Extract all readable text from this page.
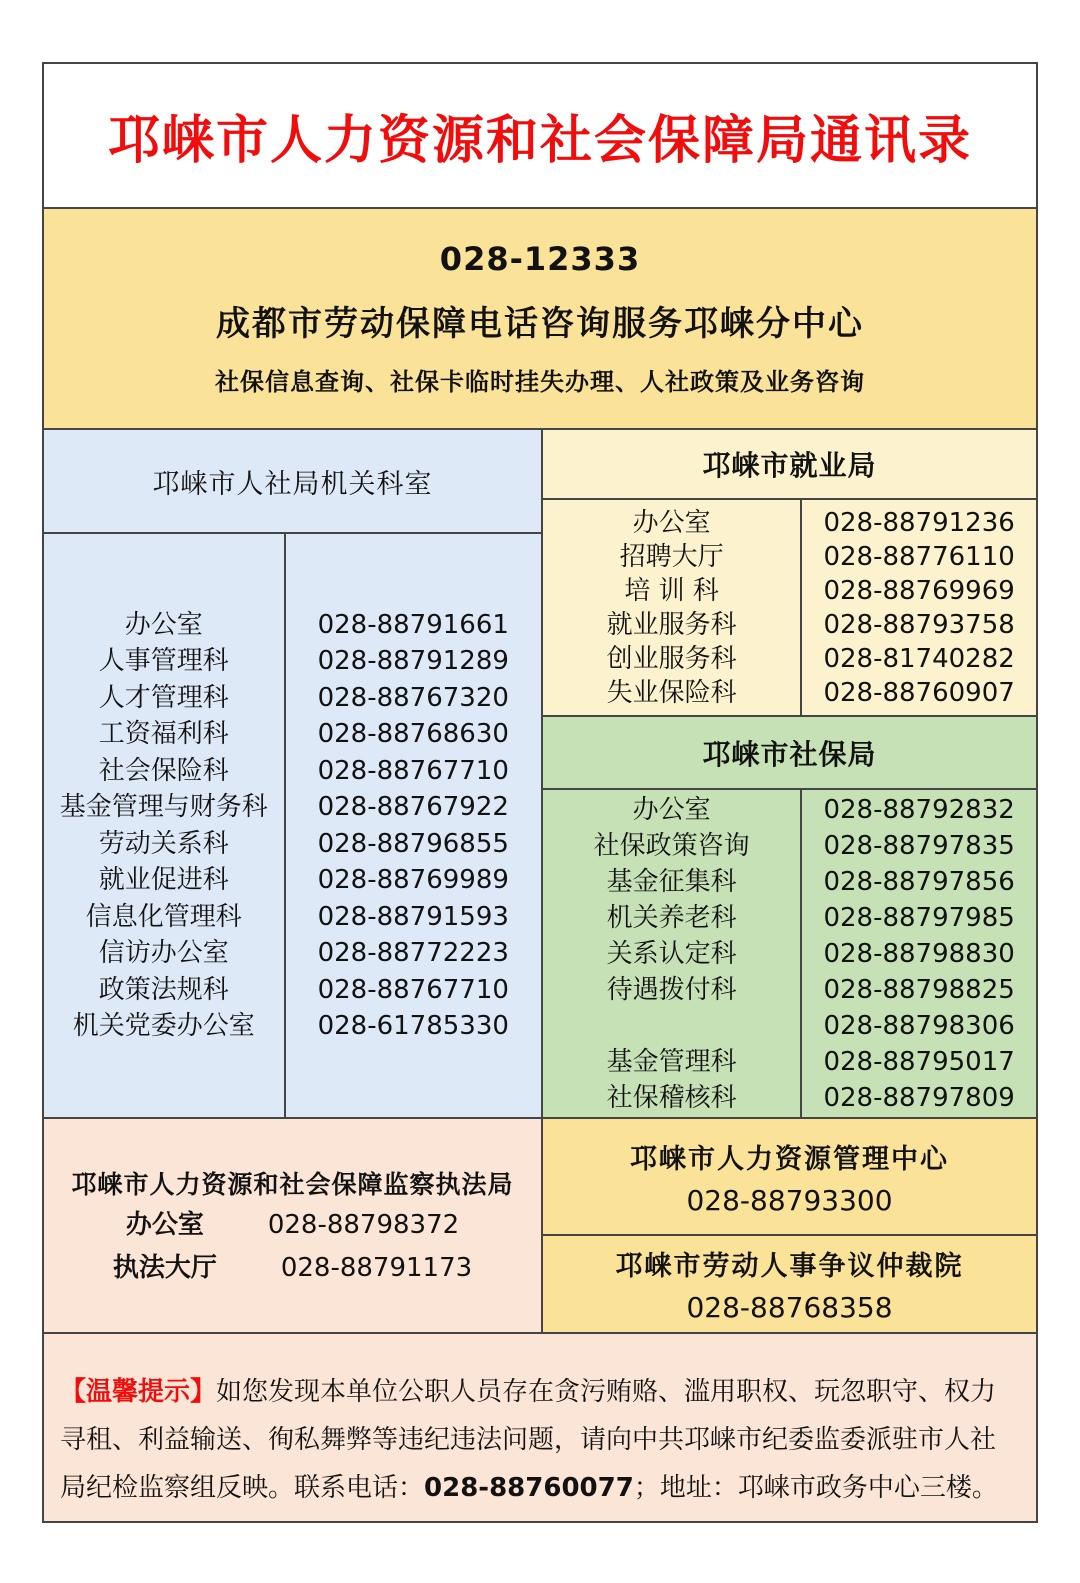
邛崃市人力资源和社会保障局通讯录
028-12333
成都市劳动保障电话咨询服务邛崃分中心
社保信息查询、社保卡临时挂失办理、人社政策及业务咨询
邛崃市人社局机关科室
办公室
人事管理科
人才管理科
工资福利科
社会保险科
基金管理与财务科
劳动关系科
就业促进科
信息化管理科
信访办公室
政策法规科
机关党委办公室
028-88791661
028-88791289
028-88767320
028-88768630
028-88767710
028-88767922
028-88796855
028-88769989
028-88791593
028-88772223
028-88767710
028-61785330
邛崃市就业局
办公室
招聘大厅
培 训 科
就业服务科
创业服务科
失业保险科
028-88791236
028-88776110
028-88769969
028-88793758
028-81740282
028-88760907
邛崃市社保局
办公室
社保政策咨询
基金征集科
机关养老科
关系认定科
待遇拨付科
基金管理科
社保稽核科
028-88792832
028-88797835
028-88797856
028-88797985
028-88798830
028-88798825
028-88798306
028-88795017
028-88797809
邛崃市人力资源和社会保障监察执法局
办公室 028-88798372
执法大厅 028-88791173
邛崃市人力资源管理中心
028-88793300
邛崃市劳动人事争议仲裁院
028-88768358

【温馨提示】如您发现本单位公职人员存在贪污贿赂、滥用职权、玩忽职守、权力寻租、利益输送、徇私舞弊等违纪违法问题，请向中共邛崃市纪委监委派驻市人社局纪检监察组反映。联系电话：028-88760077；地址：邛崃市政务中心三楼。
